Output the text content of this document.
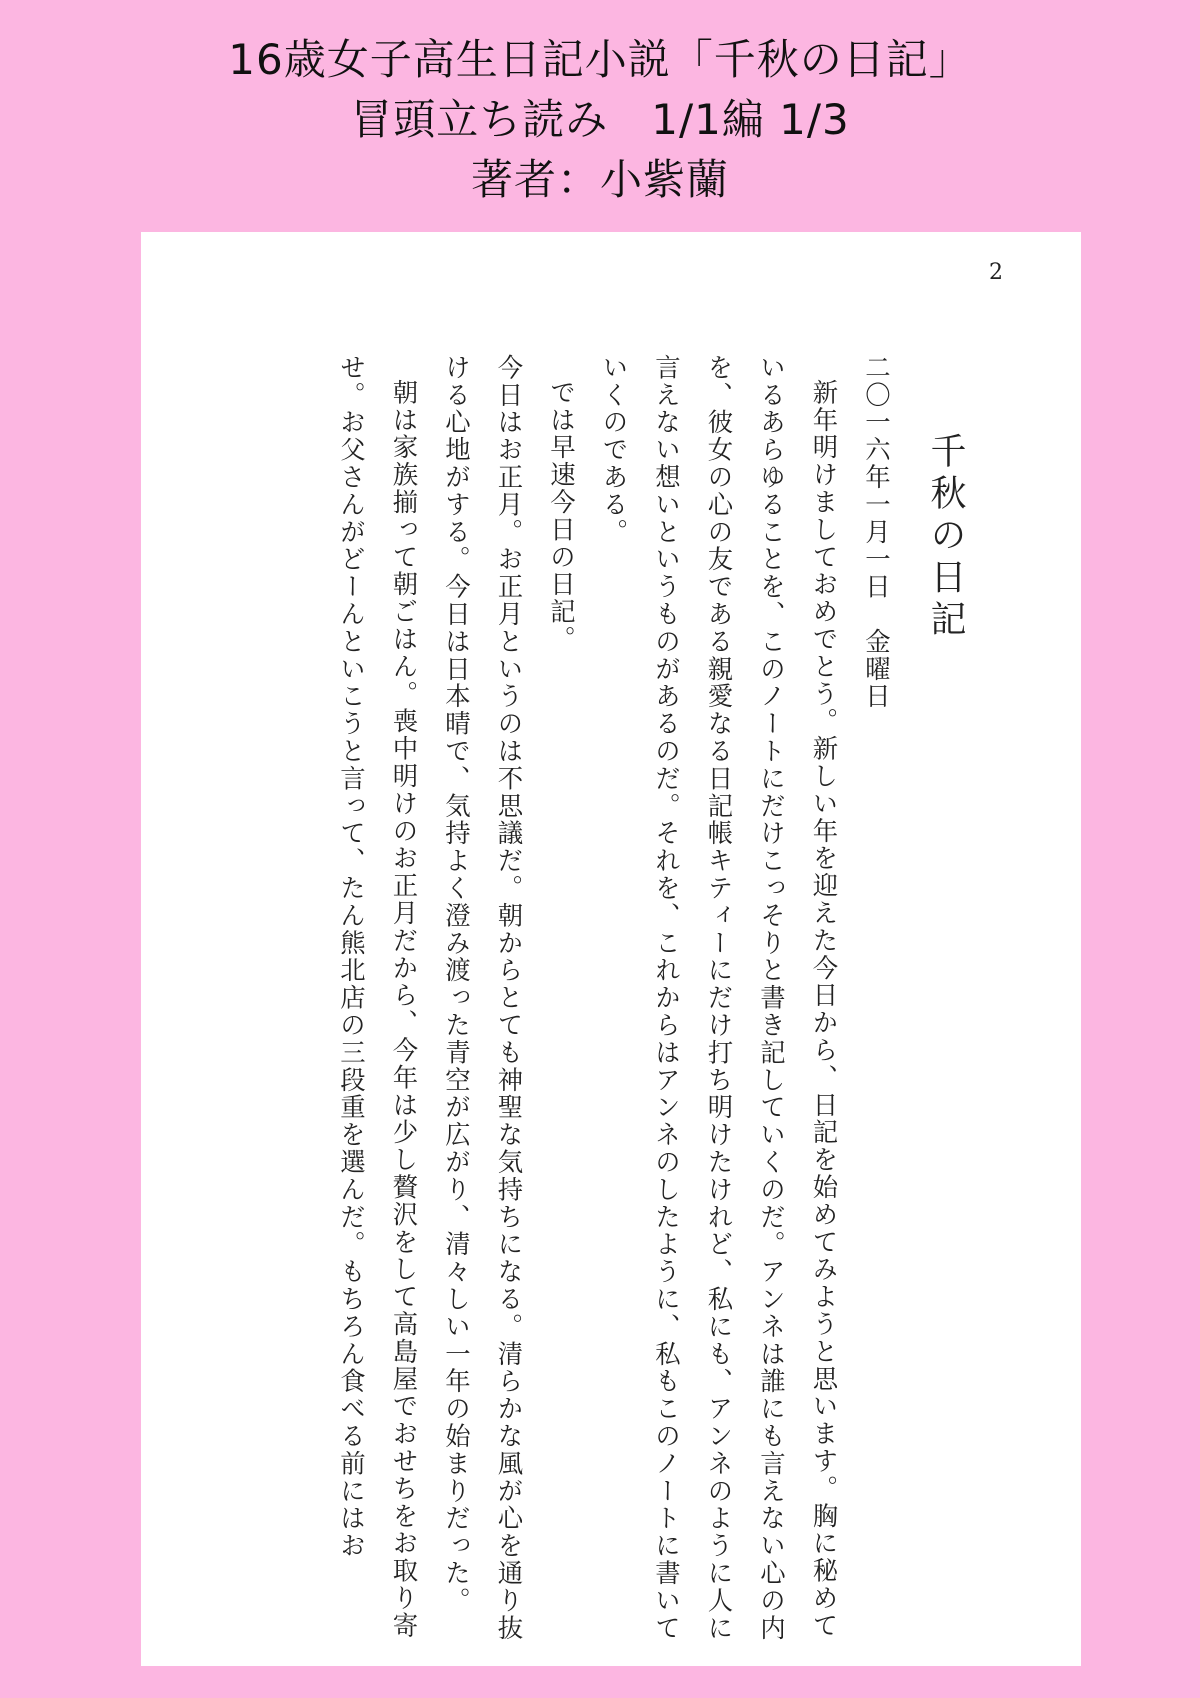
16歳女子高生日記小説「千秋の日記」
冒頭立ち読み　1/1編 1/3
著者：小紫蘭
2
千秋の日記

二〇一六年一月一日　金曜日

新年明けましておめでとう。新しい年を迎えた今日から、日記を始めてみようと思います。胸に秘めているあらゆることを、このノートにだけこっそりと書き記していくのだ。アンネは誰にも言えない心の内を、彼女の心の友である親愛なる日記帳キティーにだけ打ち明けたけれど、私にも、アンネのように人に言えない想いというものがあるのだ。それを、これからはアンネのしたように、私もこのノートに書いていくのである。

では早速今日の日記。

今日はお正月。お正月というのは不思議だ。朝からとても神聖な気持ちになる。清らかな風が心を通り抜ける心地がする。今日は日本晴で、気持よく澄み渡った青空が広がり、清々しい一年の始まりだった。

朝は家族揃って朝ごはん。喪中明けのお正月だから、今年は少し贅沢をして高島屋でおせちをお取り寄せ。お父さんがどーんといこうと言って、たん熊北店の三段重を選んだ。もちろん食べる前にはお
